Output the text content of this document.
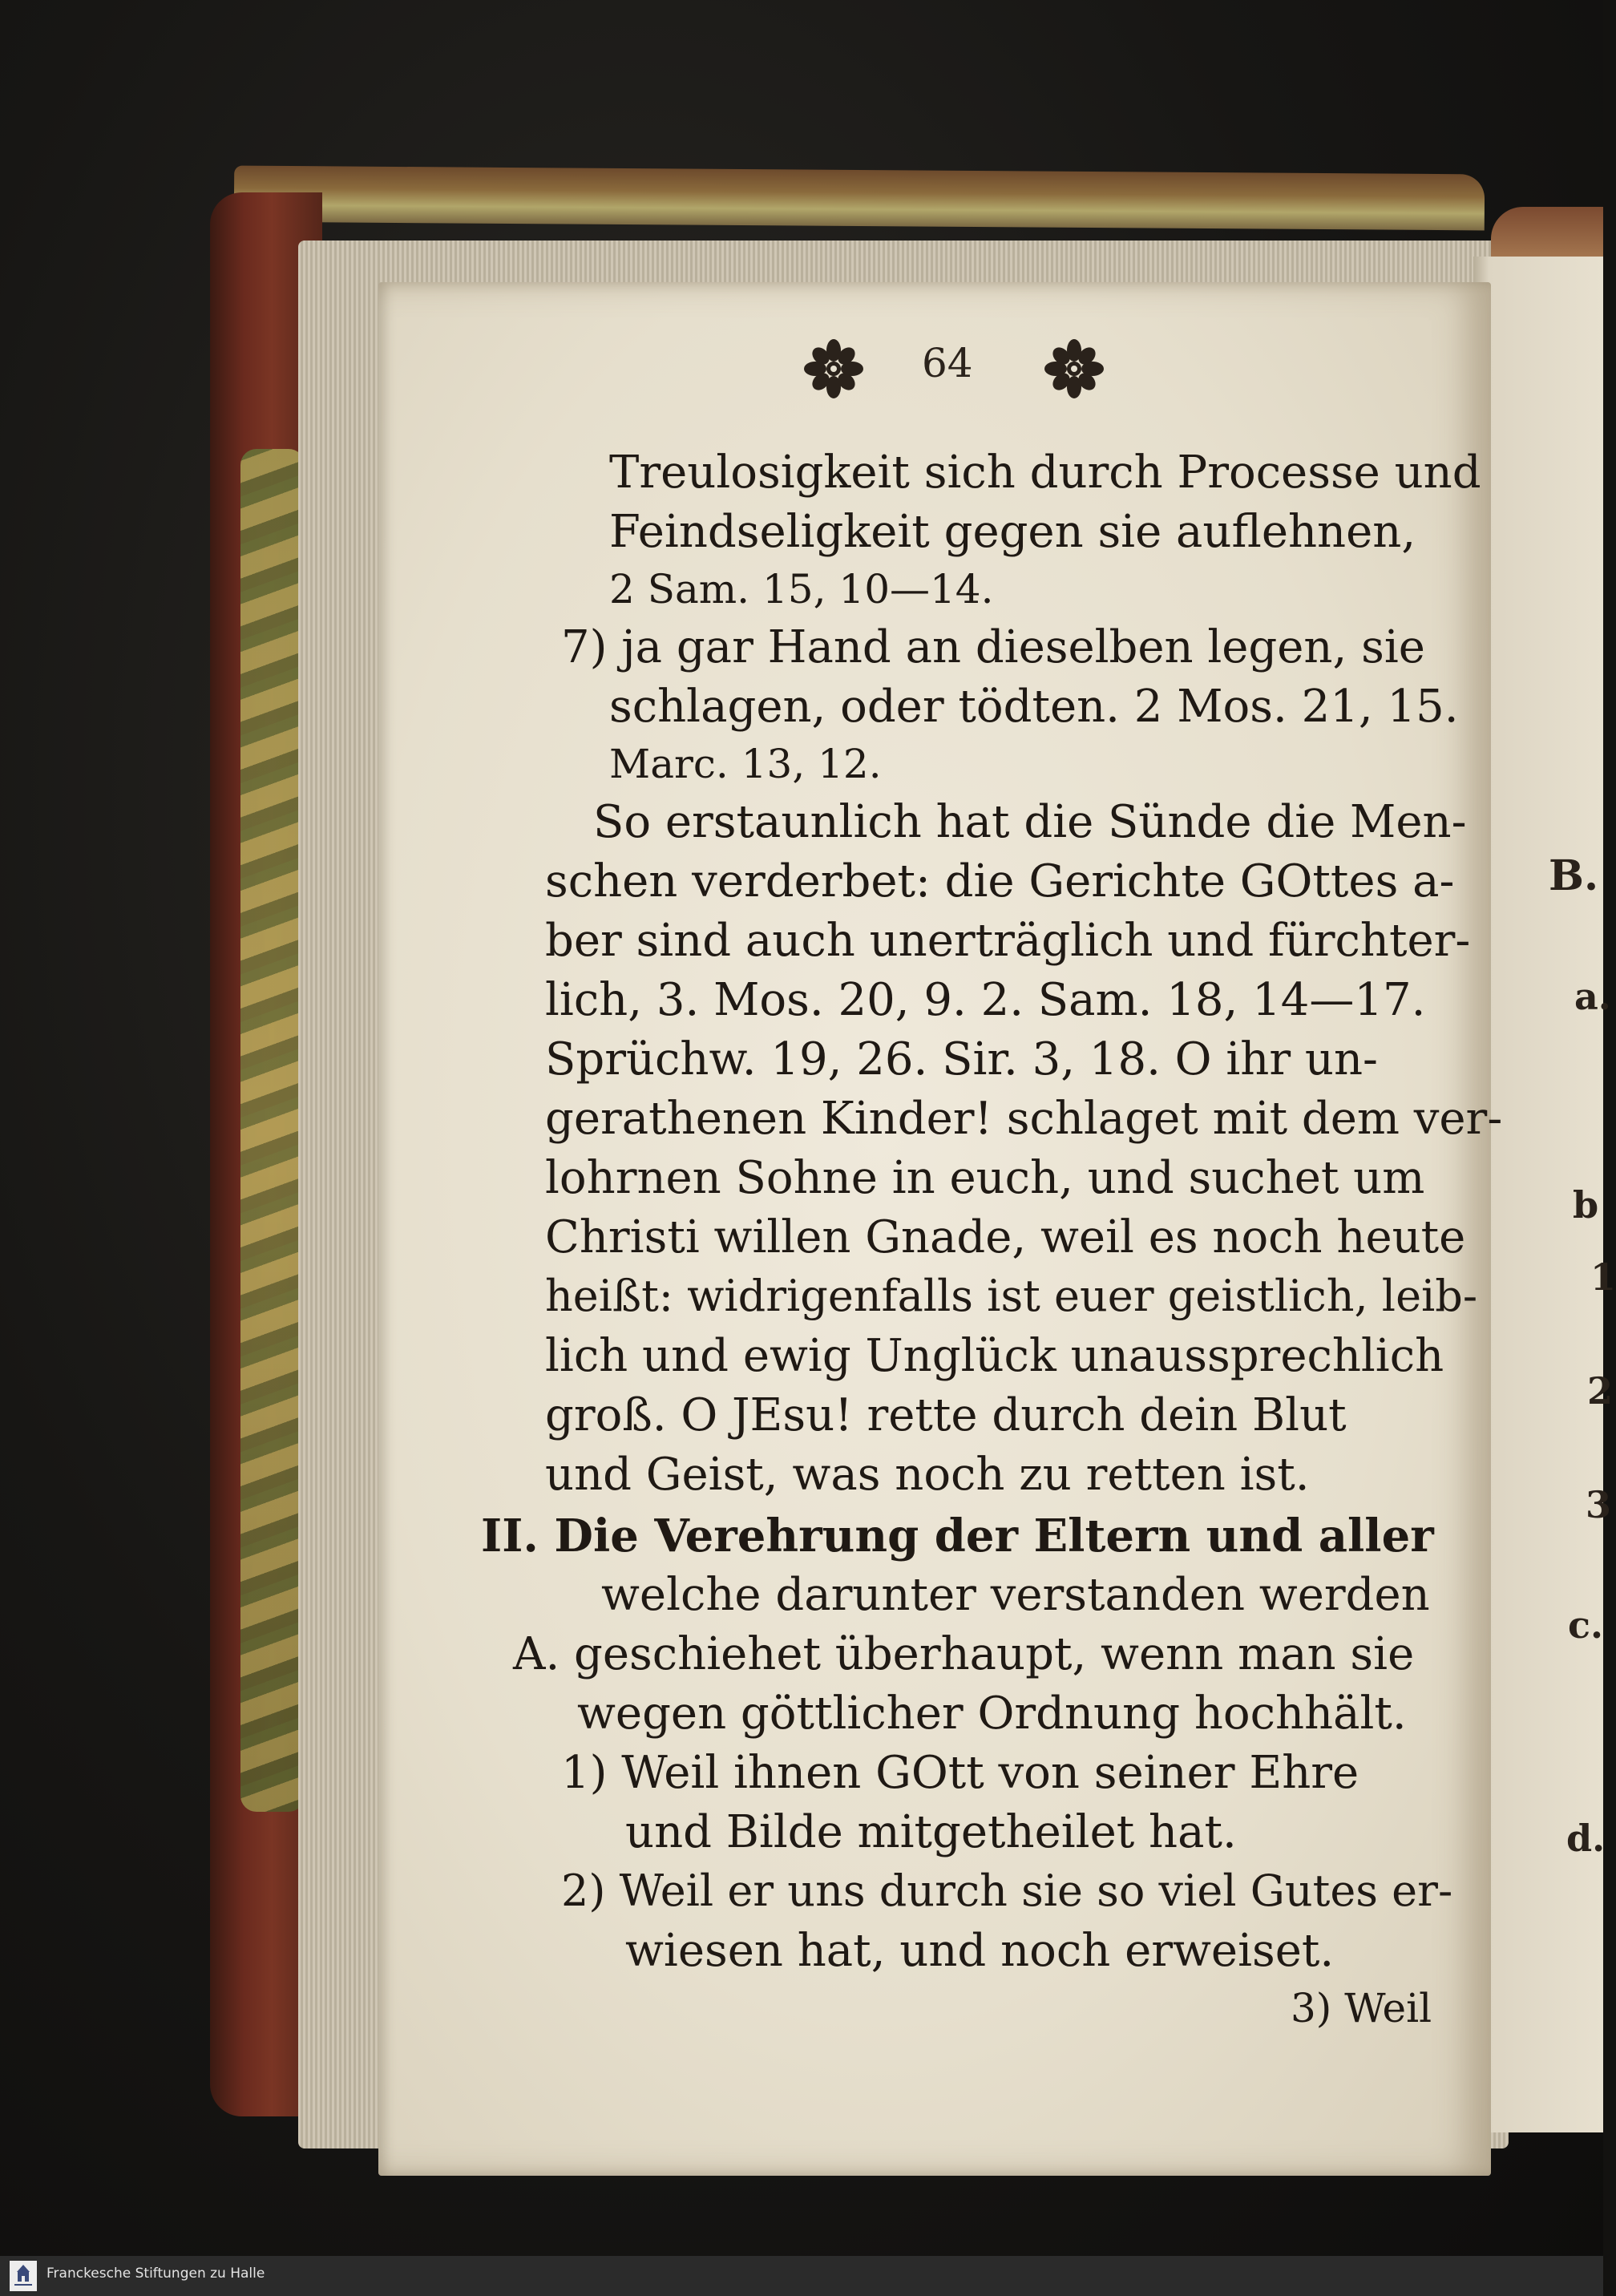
B.
a.
b
1
2
3
c.
d.
64
Treulosigkeit sich durch Processe und
Feindseligkeit gegen sie auflehnen,
2 Sam. 15, 10—14.
7) ja gar Hand an dieselben legen, sie
schlagen, oder tödten. 2 Mos. 21, 15.
Marc. 13, 12.
So erstaunlich hat die Sünde die Men-
schen verderbet: die Gerichte GOttes a-
ber sind auch unerträglich und fürchter-
lich, 3. Mos. 20, 9. 2. Sam. 18, 14—17.
Sprüchw. 19, 26. Sir. 3, 18. O ihr un-
gerathenen Kinder! schlaget mit dem ver-
lohrnen Sohne in euch, und suchet um
Christi willen Gnade, weil es noch heute
heißt: widrigenfalls ist euer geistlich, leib-
lich und ewig Unglück unaussprechlich
groß. O JEsu! rette durch dein Blut
und Geist, was noch zu retten ist.
II. Die Verehrung der Eltern und aller
welche darunter verstanden werden
A. geschiehet überhaupt, wenn man sie
wegen göttlicher Ordnung hochhält.
1) Weil ihnen GOtt von seiner Ehre
und Bilde mitgetheilet hat.
2) Weil er uns durch sie so viel Gutes er-
wiesen hat, und noch erweiset.
3) Weil
Franckesche Stiftungen zu Halle
